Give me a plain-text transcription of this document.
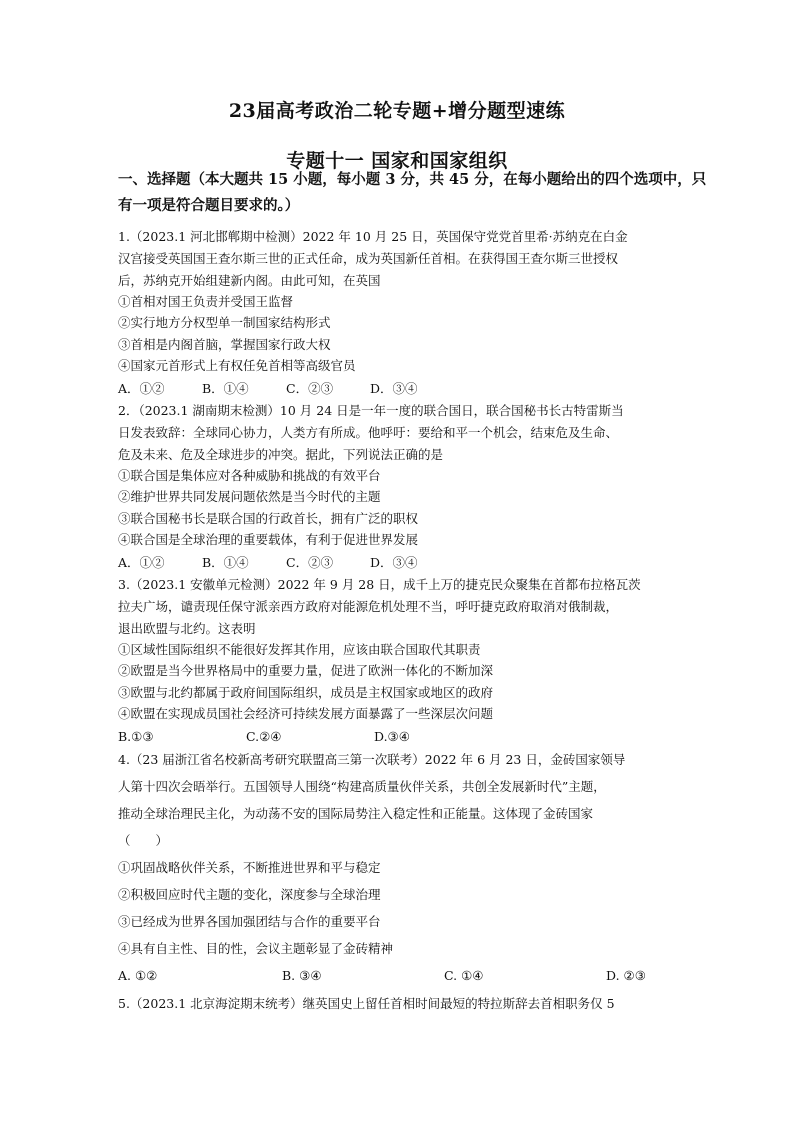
23届高考政治二轮专题+增分题型速练
专题十一 国家和国家组织
一、选择题（本大题共 15 小题，每小题 3 分，共 45 分，在每小题给出的四个选项中，只
有一项是符合题目要求的。）
1.（2023.1 河北邯郸期中检测）2022 年 10 月 25 日，英国保守党党首里希·苏纳克在白金
汉宫接受英国国王查尔斯三世的正式任命，成为英国新任首相。在获得国王查尔斯三世授权
后，苏纳克开始组建新内阁。由此可知，在英国
①首相对国王负责并受国王监督
②实行地方分权型单一制国家结构形式
③首相是内阁首脑，掌握国家行政大权
④国家元首形式上有权任免首相等高级官员
A．①②	B．①④	C．②③	D．③④
2．（2023.1 湖南期末检测）10 月 24 日是一年一度的联合国日，联合国秘书长古特雷斯当
日发表致辞：全球同心协力，人类方有所成。他呼吁：要给和平一个机会，结束危及生命、
危及未来、危及全球进步的冲突。据此，下列说法正确的是
①联合国是集体应对各种威胁和挑战的有效平台
②维护世界共同发展问题依然是当今时代的主题
③联合国秘书长是联合国的行政首长，拥有广泛的职权
④联合国是全球治理的重要载体，有利于促进世界发展
A．①②	B．①④	C．②③	D．③④
3.（2023.1 安徽单元检测）2022 年 9 月 28 日，成千上万的捷克民众聚集在首都布拉格瓦茨
拉夫广场，谴责现任保守派亲西方政府对能源危机处理不当，呼吁捷克政府取消对俄制裁，
退出欧盟与北约。这表明
①区域性国际组织不能很好发挥其作用，应该由联合国取代其职责
②欧盟是当今世界格局中的重要力量，促进了欧洲一体化的不断加深
③欧盟与北约都属于政府间国际组织，成员是主权国家或地区的政府
④欧盟在实现成员国社会经济可持续发展方面暴露了一些深层次问题
B.①③	C.②④	D.③④
4.（23 届浙江省名校新高考研究联盟高三第一次联考）2022 年 6 月 23 日，金砖国家领导
人第十四次会晤举行。五国领导人围绕“构建高质量伙伴关系，共创全发展新时代”主题，
推动全球治理民主化，为动荡不安的国际局势注入稳定性和正能量。这体现了金砖国家
（　　）
①巩固战略伙伴关系，不断推进世界和平与稳定
②积极回应时代主题的变化，深度参与全球治理
③已经成为世界各国加强团结与合作的重要平台
④具有自主性、目的性，会议主题彰显了金砖精神
A. ①②	B. ③④	C. ①④	D. ②③
5.（2023.1 北京海淀期末统考）继英国史上留任首相时间最短的特拉斯辞去首相职务仅 5
